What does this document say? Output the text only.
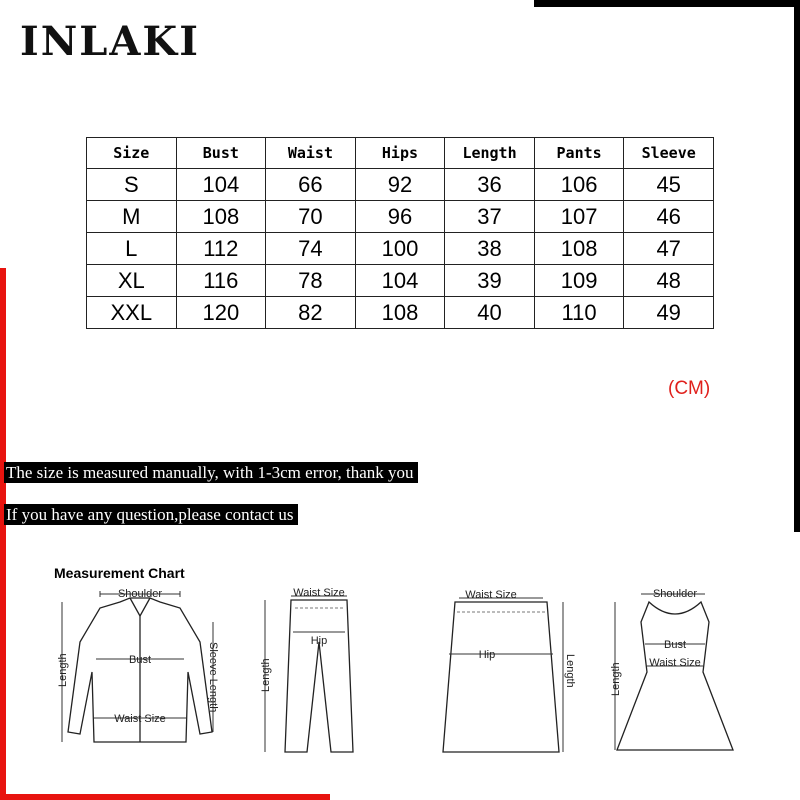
INLAKI
Size	Bust	Waist	Hips	Length	Pants	Sleeve
S	104	66	92	36	106	45
M	108	70	96	37	107	46
L	112	74	100	38	108	47
XL	116	78	104	39	109	48
XXL	120	82	108	40	110	49
(CM)
The size is measured manually, with 1-3cm error, thank you
If you have any question,please contact us
Measurement Chart
Shoulder
Bust
Waist Size
Length	Sleeve Length
Waist Size
Hip
Length
Waist Size
Hip	Length
Shoulder
Bust
Waist Size
Length
